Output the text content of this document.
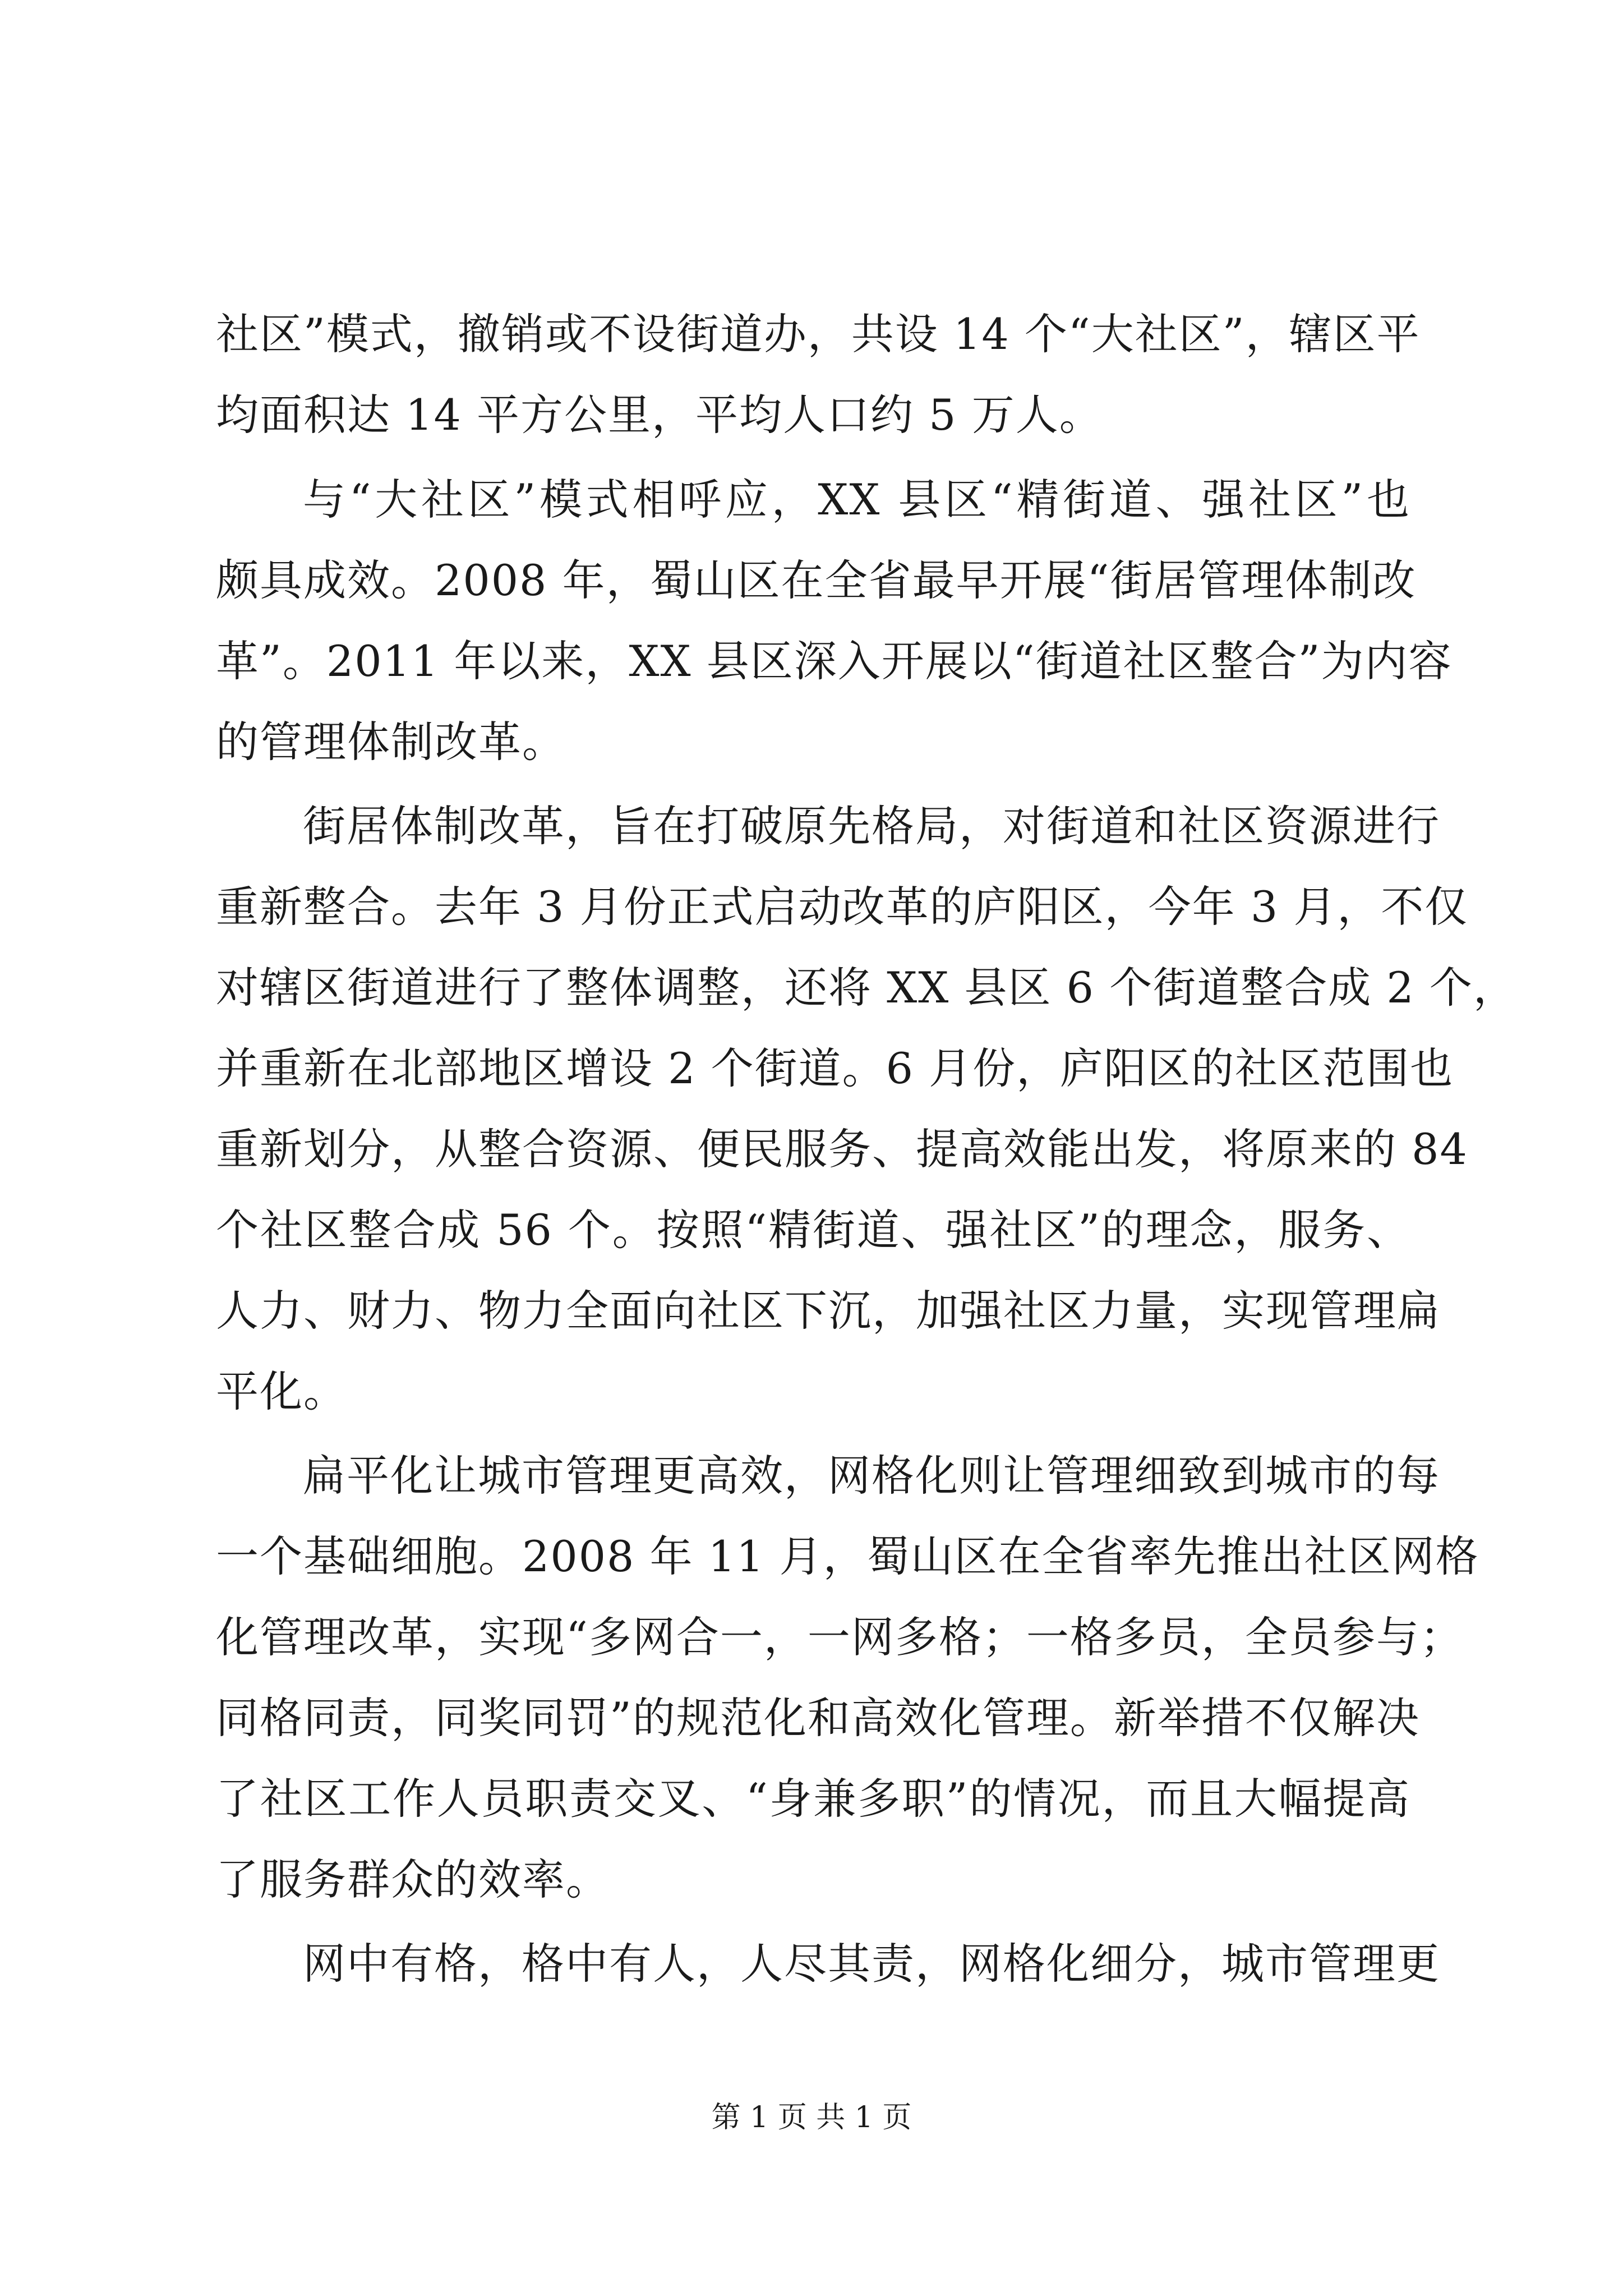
社区”模式，撤销或不设街道办，共设 14 个“大社区”，辖区平

均面积达 14 平方公里，平均人口约 5 万人。

与“大社区”模式相呼应，XX 县区“精街道、强社区”也

颇具成效。2008 年，蜀山区在全省最早开展“街居管理体制改

革”。2011 年以来，XX 县区深入开展以“街道社区整合”为内容

的管理体制改革。

街居体制改革，旨在打破原先格局，对街道和社区资源进行

重新整合。去年 3 月份正式启动改革的庐阳区，今年 3 月，不仅

对辖区街道进行了整体调整，还将 XX 县区 6 个街道整合成 2 个，

并重新在北部地区增设 2 个街道。6 月份，庐阳区的社区范围也

重新划分，从整合资源、便民服务、提高效能出发，将原来的 84

个社区整合成 56 个。按照“精街道、强社区”的理念，服务、

人力、财力、物力全面向社区下沉，加强社区力量，实现管理扁

平化。

扁平化让城市管理更高效，网格化则让管理细致到城市的每

一个基础细胞。2008 年 11 月，蜀山区在全省率先推出社区网格

化管理改革，实现“多网合一，一网多格；一格多员，全员参与；

同格同责，同奖同罚”的规范化和高效化管理。新举措不仅解决

了社区工作人员职责交叉、“身兼多职”的情况，而且大幅提高

了服务群众的效率。

网中有格，格中有人，人尽其责，网格化细分，城市管理更

第 1 页 共 1 页
